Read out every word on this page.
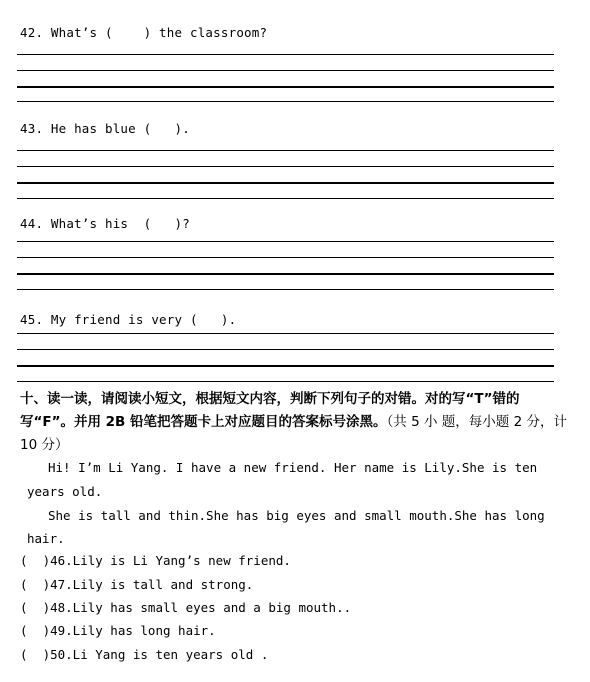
42. What’s (    ) the classroom?
43. He has blue (   ).
44. What’s his  (   )?
45. My friend is very (   ).
十、读一读，请阅读小短文，根据短文内容，判断下列句子的对错。对的写“T”错的写“F”。并用 2B 铅笔把答题卡上对应题目的答案标号涂黑。（共 5 小 题，每小题 2 分，计 10 分）
Hi! I’m Li Yang. I have a new friend. Her name is Lily.She is ten
years old.
She is tall and thin.She has big eyes and small mouth.She has long
hair.
(  )46.Lily is Li Yang’s new friend.
(  )47.Lily is tall and strong.
(  )48.Lily has small eyes and a big mouth..
(  )49.Lily has long hair.
(  )50.Li Yang is ten years old .
